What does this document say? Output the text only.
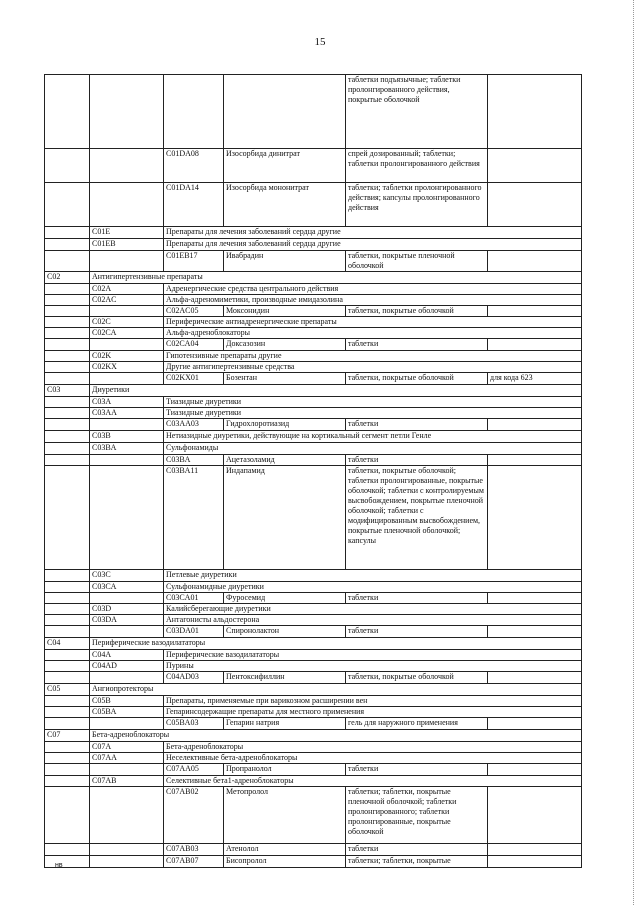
15
таблетки подъязычные; таблетки пролонгированного действия, покрытые оболочкой
C01DA08	Изосорбида динитрат	спрей дозированный; таблетки; таблетки пролонгированного действия
C01DA14	Изосорбида мононитрат	таблетки; таблетки пролонгированного действия; капсулы пролонгированного действия
C01E	Препараты для лечения заболеваний сердца другие
C01EB	Препараты для лечения заболеваний сердца другие
C01EB17	Ивабрадин	таблетки, покрытые пленочной оболочкой
C02	Антигипертензивные препараты
C02A	Адренергические средства центрального действия
C02AC	Альфа-адреномиметики, производные имидазолина
C02AC05	Моксонидин	таблетки, покрытые оболочкой
C02C	Периферические антиадренергические препараты
C02CA	Альфа-адреноблокаторы
C02CA04	Доксазозин	таблетки
C02K	Гипотензивные препараты другие
C02KX	Другие антигипертензивные средства
C02KX01	Бозентан	таблетки, покрытые оболочкой	для кода 623
C03	Диуретики
C03A	Тиазидные диуретики
C03AA	Тиазидные диуретики
C03AA03	Гидрохлоротиазид	таблетки
C03B	Нетиазидные диуретики, действующие на кортикальный сегмент петли Генле
C03BA	Сульфонамиды
C03BA	Ацетазоламид	таблетки
C03BA11	Индапамид	таблетки, покрытые оболочкой; таблетки пролонгированные, покрытые оболочкой; таблетки с контролируемым высвобождением, покрытые пленочной оболочкой; таблетки с модифицированным высвобождением, покрытые пленочной оболочкой; капсулы
C03C	Петлевые диуретики
C03CA	Сульфонамидные диуретики
C03CA01	Фуросемид	таблетки
C03D	Калийсберегающие диуретики
C03DA	Антагонисты альдостерона
C03DA01	Спиронолактон	таблетки
C04	Периферические вазодилататоры
C04A	Периферические вазодилататоры
C04AD	Пурины
C04AD03	Пентоксифиллин	таблетки, покрытые оболочкой
C05	Ангиопротекторы
C05B	Препараты, применяемые при варикозном расширении вен
C05BA	Гепаринсодержащие препараты для местного применения
C05BA03	Гепарин натрия	гель для наружного применения
C07	Бета-адреноблокаторы
C07A	Бета-адреноблокаторы
C07AA	Неселективные бета-адреноблокаторы
C07AA05	Пропранолол	таблетки
C07AB	Селективные бета1-адреноблокаторы
C07AB02	Метопролол	таблетки; таблетки, покрытые пленочной оболочкой; таблетки пролонгированного; таблетки пролонгированные, покрытые оболочкой
C07AB03	Атенолол	таблетки
C07AB07	Бисопролол	таблетки; таблетки, покрытые
нв
